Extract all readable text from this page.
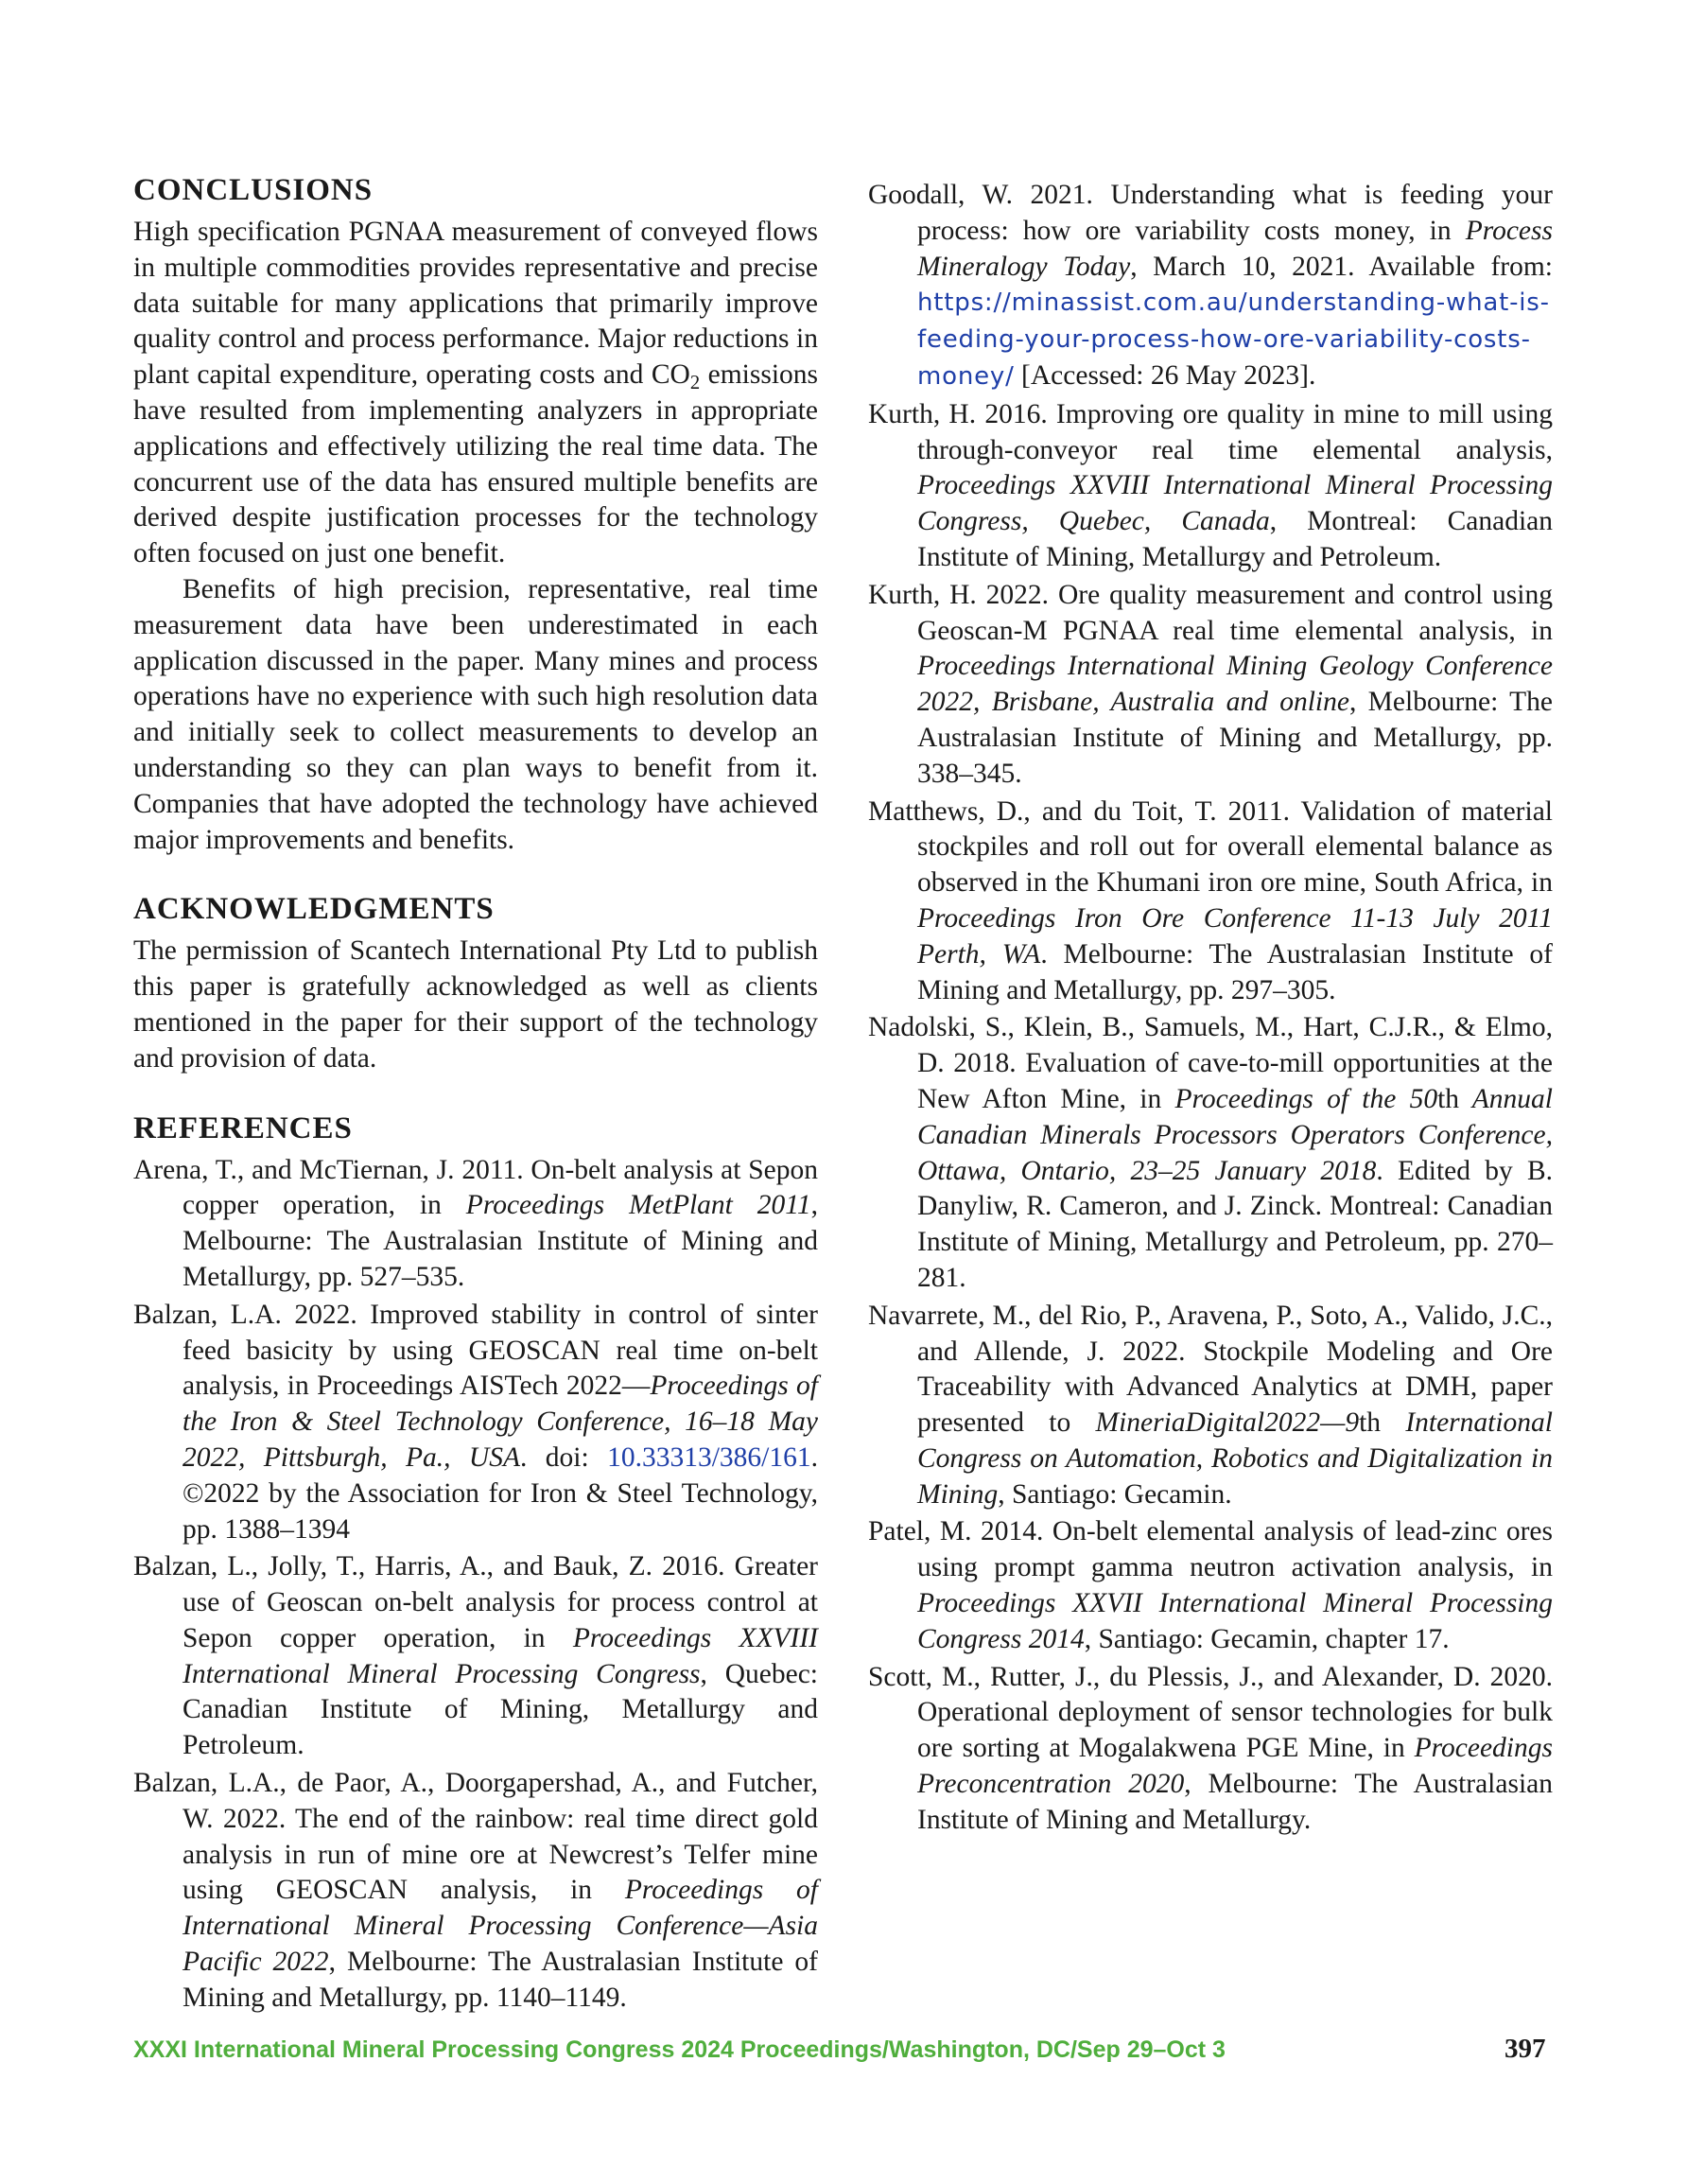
CONCLUSIONS

High specification PGNAA measurement of conveyed flows in multiple commodities provides representative and precise data suitable for many applications that primarily improve quality control and process performance. Major reductions in plant capital expenditure, operating costs and $CO_2$ emissions have resulted from implementing analyzers in appropriate applications and effectively utilizing the real time data. The concurrent use of the data has ensured multiple benefits are derived despite justification processes for the technology often focused on just one benefit.

Benefits of high precision, representative, real time measurement data have been underestimated in each application discussed in the paper. Many mines and process operations have no experience with such high resolution data and initially seek to collect measurements to develop an understanding so they can plan ways to benefit from it. Companies that have adopted the technology have achieved major improvements and benefits.

ACKNOWLEDGMENTS

The permission of Scantech International Pty Ltd to publish this paper is gratefully acknowledged as well as clients mentioned in the paper for their support of the technology and provision of data.

REFERENCES

Arena, T., and McTiernan, J. 2011. On-belt analysis at Sepon copper operation, in Proceedings MetPlant 2011, Melbourne: The Australasian Institute of Mining and Metallurgy, pp. 527–535.

Balzan, L.A. 2022. Improved stability in control of sinter feed basicity by using GEOSCAN real time on-belt analysis, in Proceedings AISTech 2022—Proceedings of the Iron & Steel Technology Conference, 16–18 May 2022, Pittsburgh, Pa., USA. doi: 10.33313/386/161. ©2022 by the Association for Iron & Steel Technology, pp. 1388–1394

Balzan, L., Jolly, T., Harris, A., and Bauk, Z. 2016. Greater use of Geoscan on-belt analysis for process control at Sepon copper operation, in Proceedings XXVIII International Mineral Processing Congress, Quebec: Canadian Institute of Mining, Metallurgy and Petroleum.

Balzan, L.A., de Paor, A., Doorgapershad, A., and Futcher, W. 2022. The end of the rainbow: real time direct gold analysis in run of mine ore at Newcrest’s Telfer mine using GEOSCAN analysis, in Proceedings of International Mineral Processing Conference—Asia Pacific 2022, Melbourne: The Australasian Institute of Mining and Metallurgy, pp. 1140–1149.

Goodall, W. 2021. Understanding what is feeding your process: how ore variability costs money, in Process Mineralogy Today, March 10, 2021. Available from: https://minassist.com.au/understanding-what-is-feeding-your-process-how-ore-variability-costs-money/ [Accessed: 26 May 2023].

Kurth, H. 2016. Improving ore quality in mine to mill using through-conveyor real time elemental analysis, Proceedings XXVIII International Mineral Processing Congress, Quebec, Canada, Montreal: Canadian Institute of Mining, Metallurgy and Petroleum.

Kurth, H. 2022. Ore quality measurement and control using Geoscan-M PGNAA real time elemental analysis, in Proceedings International Mining Geology Conference 2022, Brisbane, Australia and online, Melbourne: The Australasian Institute of Mining and Metallurgy, pp. 338–345.

Matthews, D., and du Toit, T. 2011. Validation of material stockpiles and roll out for overall elemental balance as observed in the Khumani iron ore mine, South Africa, in Proceedings Iron Ore Conference 11-13 July 2011 Perth, WA. Melbourne: The Australasian Institute of Mining and Metallurgy, pp. 297–305.

Nadolski, S., Klein, B., Samuels, M., Hart, C.J.R., & Elmo, D. 2018. Evaluation of cave-to-mill opportunities at the New Afton Mine, in Proceedings of the 50th Annual Canadian Minerals Processors Operators Conference, Ottawa, Ontario, 23–25 January 2018. Edited by B. Danyliw, R. Cameron, and J. Zinck. Montreal: Canadian Institute of Mining, Metallurgy and Petroleum, pp. 270–281.

Navarrete, M., del Rio, P., Aravena, P., Soto, A., Valido, J.C., and Allende, J. 2022. Stockpile Modeling and Ore Traceability with Advanced Analytics at DMH, paper presented to MineriaDigital2022—9th International Congress on Automation, Robotics and Digitalization in Mining, Santiago: Gecamin.

Patel, M. 2014. On-belt elemental analysis of lead-zinc ores using prompt gamma neutron activation analysis, in Proceedings XXVII International Mineral Processing Congress 2014, Santiago: Gecamin, chapter 17.

Scott, M., Rutter, J., du Plessis, J., and Alexander, D. 2020. Operational deployment of sensor technologies for bulk ore sorting at Mogalakwena PGE Mine, in Proceedings Preconcentration 2020, Melbourne: The Australasian Institute of Mining and Metallurgy.

XXXI International Mineral Processing Congress 2024 Proceedings/Washington, DC/Sep 29–Oct 3	397
